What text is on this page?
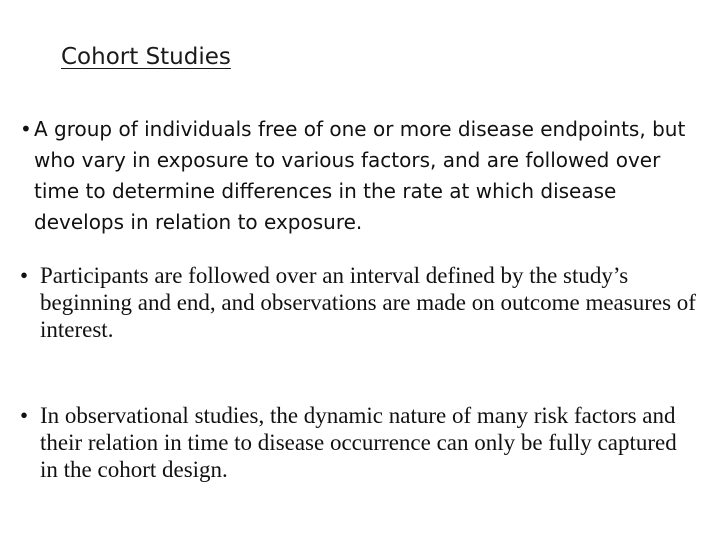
Cohort Studies
• A group of individuals free of one or more disease endpoints, but who vary in exposure to various factors, and are followed over time to determine differences in the rate at which disease develops in relation to exposure.

• Participants are followed over an interval defined by the study’s beginning and end, and observations are made on outcome measures of interest.

• In observational studies, the dynamic nature of many risk factors and their relation in time to disease occurrence can only be fully captured in the cohort design.
